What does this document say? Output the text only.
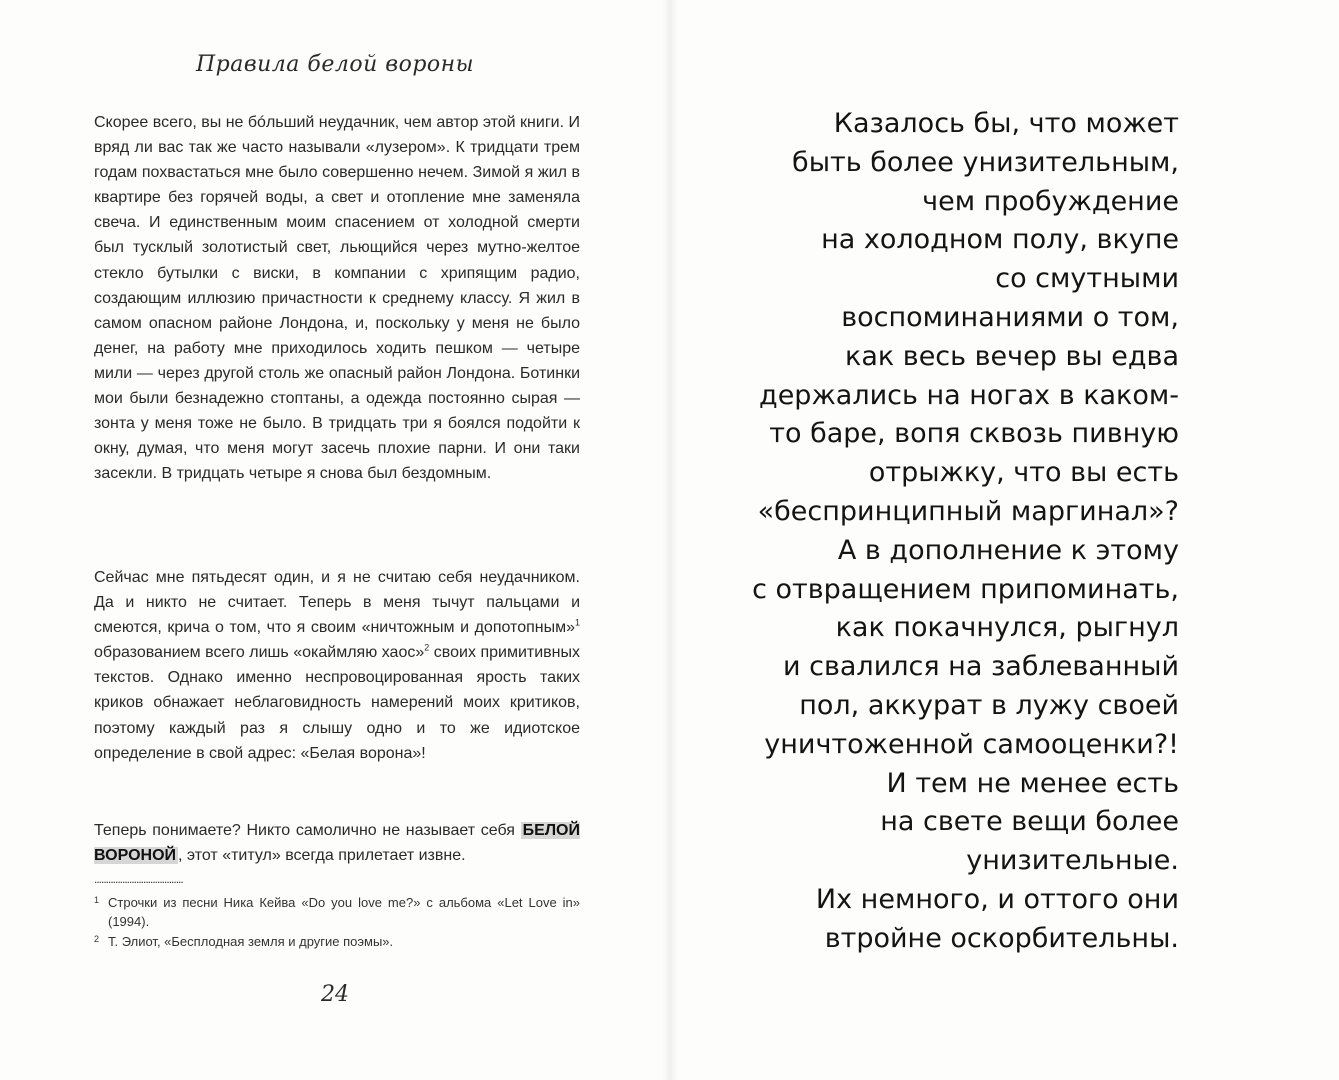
Правила белой вороны

Скорее всего, вы не бóльший неудачник, чем автор этой книги. И вряд ли вас так же часто называли «лузером». К тридцати трем годам похвастаться мне было совершенно нечем. Зимой я жил в квартире без горячей воды, а свет и отопление мне заменяла свеча. И единственным моим спасением от холодной смерти был тусклый золотистый свет, льющийся через мутно-желтое стекло бутылки с виски, в компании с хрипящим радио, создающим иллюзию причастности к среднему классу. Я жил в самом опасном районе Лондона, и, поскольку у меня не было денег, на работу мне приходилось ходить пешком — четыре мили — через другой столь же опасный район Лондона. Ботинки мои были безнадежно стоптаны, а одежда постоянно сырая — зонта у меня тоже не было. В тридцать три я боялся подойти к окну, думая, что меня могут засечь плохие парни. И они таки засекли. В тридцать четыре я снова был бездомным.

Сейчас мне пятьдесят один, и я не считаю себя неудачником. Да и никто не считает. Теперь в меня тычут пальцами и смеются, крича о том, что я своим «ничтожным и допотопным»$^1$ образованием всего лишь «окаймляю хаос»$^2$ своих примитивных текстов. Однако именно неспровоцированная ярость таких криков обнажает неблаговидность намерений моих критиков, поэтому каждый раз я слышу одно и то же идиотское определение в свой адрес: «Белая ворона»!

Теперь понимаете? Никто самолично не называет себя БЕЛОЙ ВОРОНОЙ , этот «титул» всегда прилетает извне.

......................................

1 Строчки из песни Ника Кейва «Do you love me?» с альбома «Let Love in» (1994).

2 Т. Элиот, «Бесплодная земля и другие поэмы».

24
Казалось бы, что может
быть более унизительным,
чем пробуждение
на холодном полу, вкупе
со смутными
воспоминаниями о том,
как весь вечер вы едва
держались на ногах в каком-
то баре, вопя сквозь пивную
отрыжку, что вы есть
«беспринципный маргинал»?
А в дополнение к этому
с отвращением припоминать,
как покачнулся, рыгнул
и свалился на заблеванный
пол, аккурат в лужу своей
уничтоженной самооценки?!
И тем не менее есть
на свете вещи более
унизительные.
Их немного, и оттого они
втройне оскорбительны.
